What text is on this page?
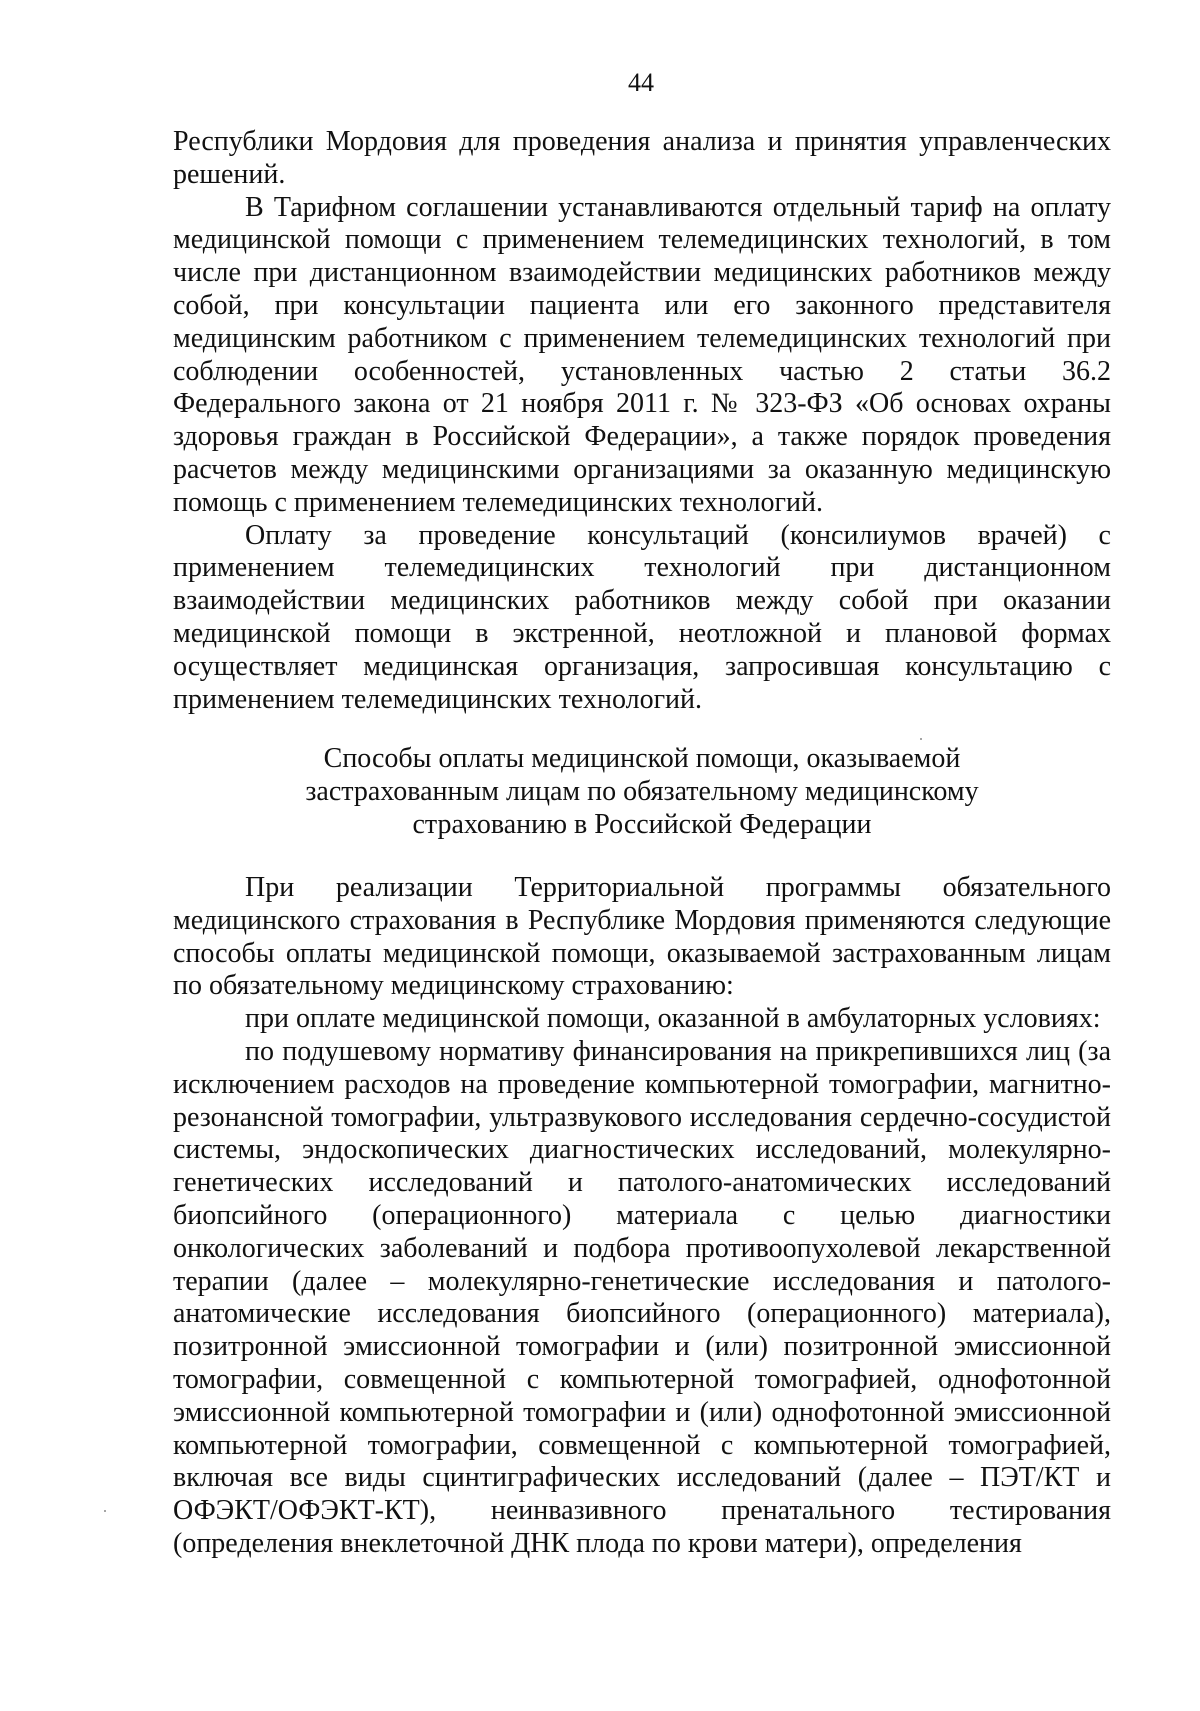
44

Республики Мордовия для проведения анализа и принятия управленческих решений.

В Тарифном соглашении устанавливаются отдельный тариф на оплату медицинской помощи с применением телемедицинских технологий, в том числе при дистанционном взаимодействии медицинских работников между собой, при консультации пациента или его законного представителя медицинским работником с применением телемедицинских технологий при соблюдении особенностей, установленных частью 2 статьи 36.2 Федерального закона от 21 ноября 2011 г. № 323-ФЗ «Об основах охраны здоровья граждан в Российской Федерации», а также порядок проведения расчетов между медицинскими организациями за оказанную медицинскую помощь с применением телемедицинских технологий.

Оплату за проведение консультаций (консилиумов врачей) с применением телемедицинских технологий при дистанционном взаимодействии медицинских работников между собой при оказании медицинской помощи в экстренной, неотложной и плановой формах осуществляет медицинская организация, запросившая консультацию с применением телемедицинских технологий.

Способы оплаты медицинской помощи, оказываемой
застрахованным лицам по обязательному медицинскому
страхованию в Российской Федерации

При реализации Территориальной программы обязательного медицинского страхования в Республике Мордовия применяются следующие способы оплаты медицинской помощи, оказываемой застрахованным лицам по обязательному медицинскому страхованию:

при оплате медицинской помощи, оказанной в амбулаторных условиях:

по подушевому нормативу финансирования на прикрепившихся лиц (за исключением расходов на проведение компьютерной томографии, магнитно-резонансной томографии, ультразвукового исследования сердечно-сосудистой системы, эндоскопических диагностических исследований, молекулярно-генетических исследований и патолого-анатомических исследований биопсийного (операционного) материала с целью диагностики онкологических заболеваний и подбора противоопухолевой лекарственной терапии (далее – молекулярно-генетические исследования и патолого-анатомические исследования биопсийного (операционного) материала), позитронной эмиссионной томографии и (или) позитронной эмиссионной томографии, совмещенной с компьютерной томографией, однофотонной эмиссионной компьютерной томографии и (или) однофотонной эмиссионной компьютерной томографии, совмещенной с компьютерной томографией, включая все виды сцинтиграфических исследований (далее – ПЭТ/КТ и ОФЭКТ/ОФЭКТ-КТ), неинвазивного пренатального тестирования (определения внеклеточной ДНК плода по крови матери), определения
